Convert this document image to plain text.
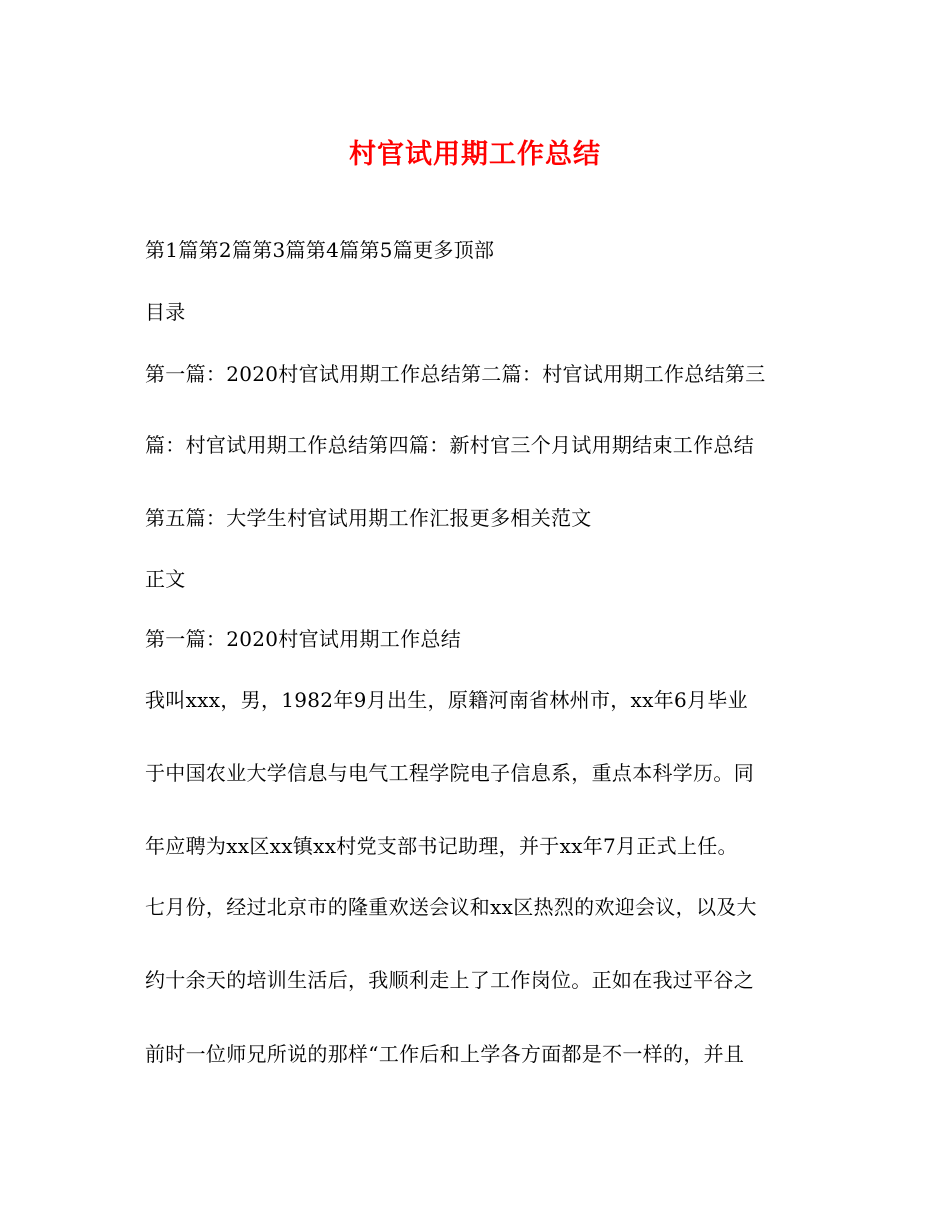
村官试用期工作总结
第1篇第2篇第3篇第4篇第5篇更多顶部
目录
第一篇：2020村官试用期工作总结第二篇：村官试用期工作总结第三
篇：村官试用期工作总结第四篇：新村官三个月试用期结束工作总结
第五篇：大学生村官试用期工作汇报更多相关范文
正文
第一篇：2020村官试用期工作总结
我叫xxx，男，1982年9月出生，原籍河南省林州市，xx年6月毕业
于中国农业大学信息与电气工程学院电子信息系，重点本科学历。同
年应聘为xx区xx镇xx村党支部书记助理，并于xx年7月正式上任。
七月份，经过北京市的隆重欢送会议和xx区热烈的欢迎会议，以及大
约十余天的培训生活后，我顺利走上了工作岗位。正如在我过平谷之
前时一位师兄所说的那样“工作后和上学各方面都是不一样的，并且
